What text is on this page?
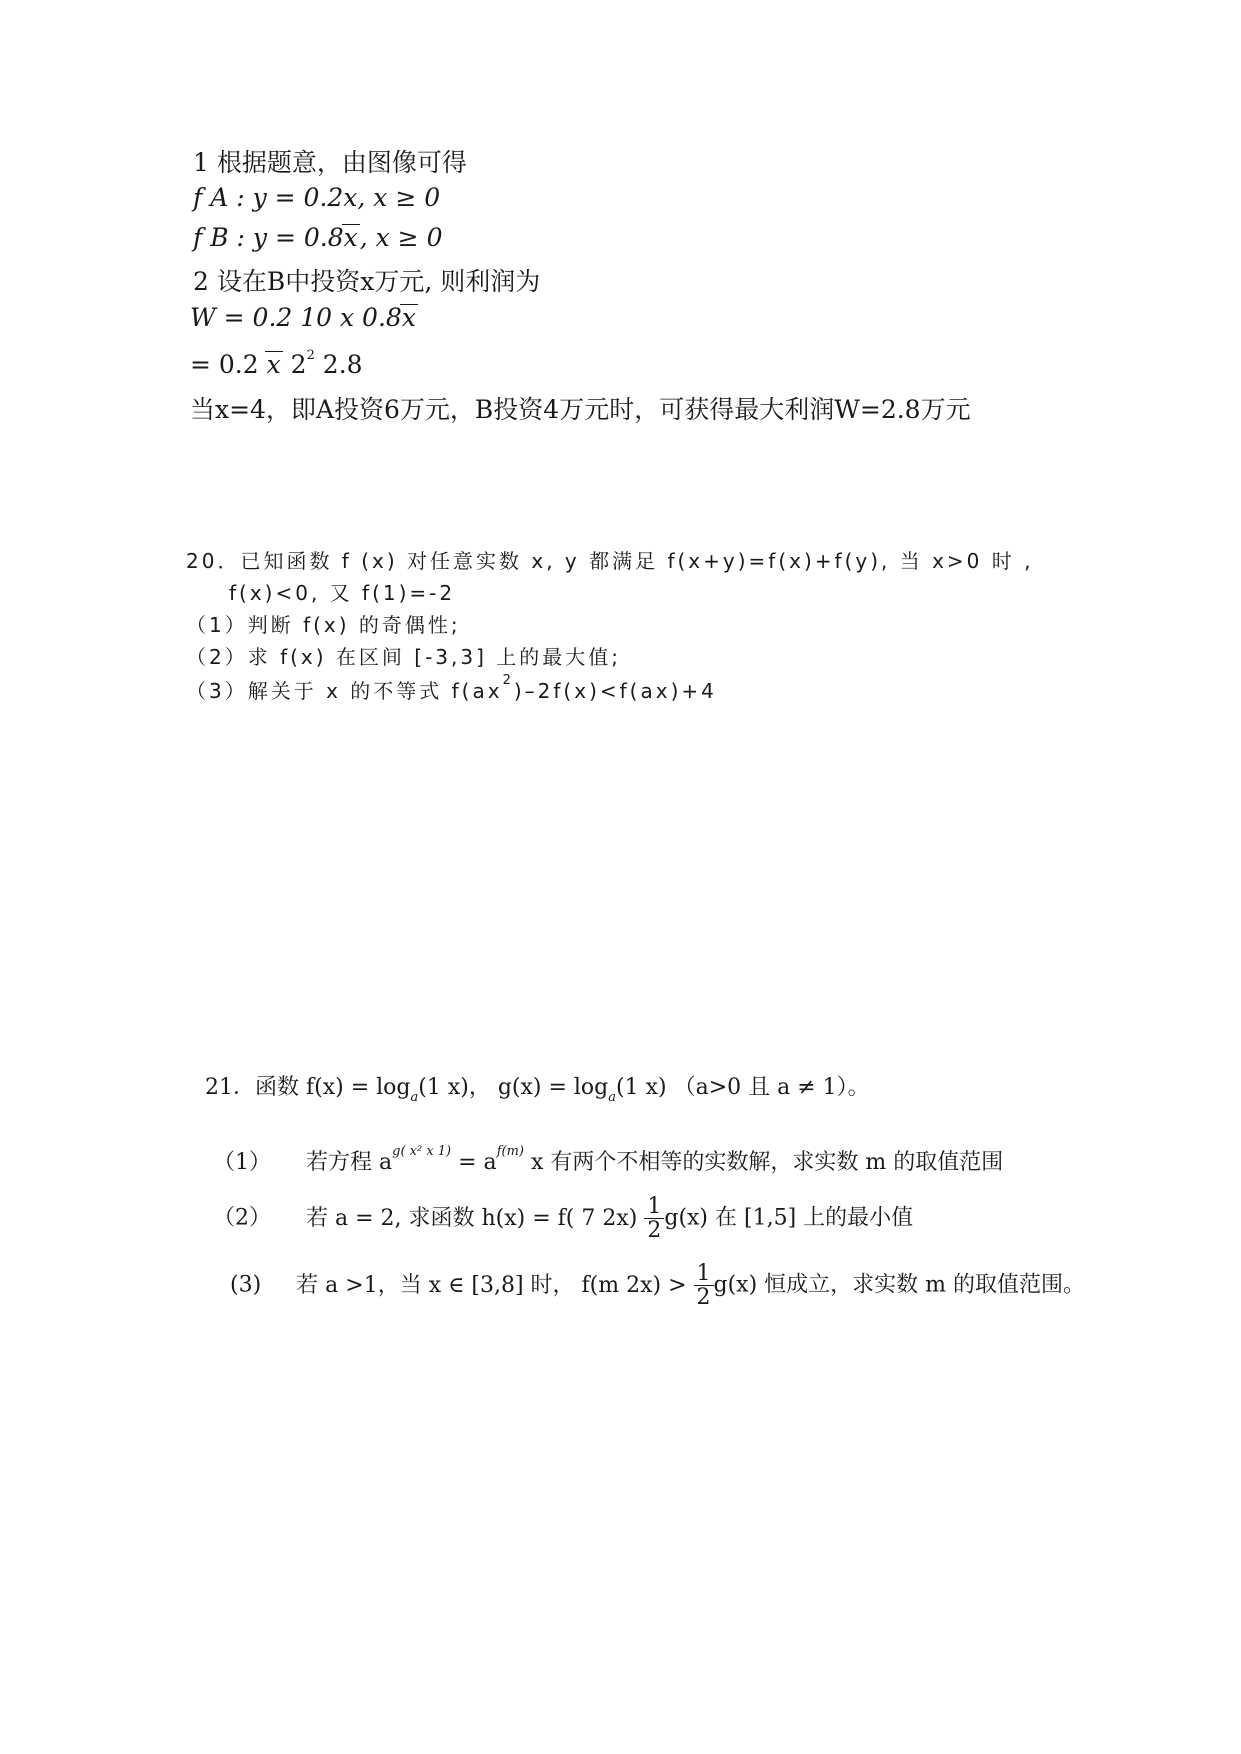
1 根据题意，由图像可得
f A : y = 0.2x, x ≥ 0
f B : y = 0.8x, x ≥ 0
2 设在B中投资x万元, 则利润为
W = 0.2 10 x 0.8x
= 0.2 x $2^2$ 2.8
当x=4，即A投资6万元，B投资4万元时，可获得最大利润W=2.8万元
20．已知函数 f (x) 对任意实数 x, y 都满足 f(x+y)=f(x)+f(y), 当 x>0 时 ,
f(x)<0, 又 f(1)=-2
（1）判断 f(x) 的奇偶性;
（2）求 f(x) 在区间 [-3,3] 上的最大值;
（3）解关于 x 的不等式 $f(ax^2)-2f(x)<f(ax)+4$
21．函数 $f(x) = \log_a(1$ x)， $g(x) = \log_a(1$ x) （a>0 且 a ≠ 1）。
（1） 若方程 $a^{g( x^2 x 1)} = a^{f(m)}$ x 有两个不相等的实数解，求实数 m 的取值范围
（2） 若 a = 2, 求函数 h(x) = f( 7 $2x) \frac{1}{2} g(x)$ 在 [1,5] 上的最小值
(3) 若 a >1，当 x ∈ [3,8] 时， f(m $2x) > \frac{1}{2} g(x)$ 恒成立，求实数 m 的取值范围。
